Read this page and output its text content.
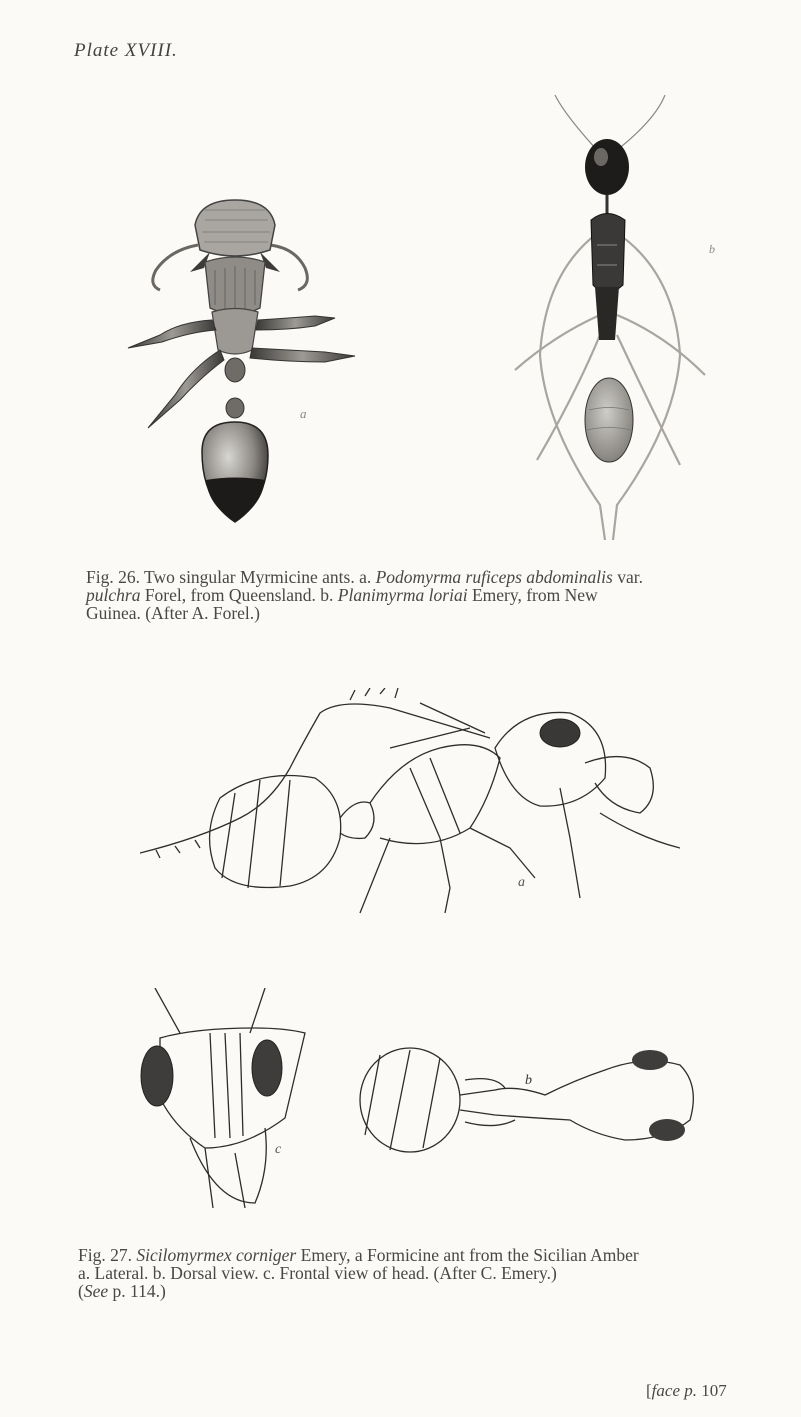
Plate XVIII.
a
b
Fig. 26. Two singular Myrmicine ants. a. Podomyrma ruficeps abdominalis var.
pulchra Forel, from Queensland. b. Planimyrma loriai Emery, from New
Guinea. (After A. Forel.)
a
c
b
Fig. 27. Sicilomyrmex corniger Emery, a Formicine ant from the Sicilian Amber
a. Lateral. b. Dorsal view. c. Frontal view of head. (After C. Emery.)
(See p. 114.)
[face p. 107
